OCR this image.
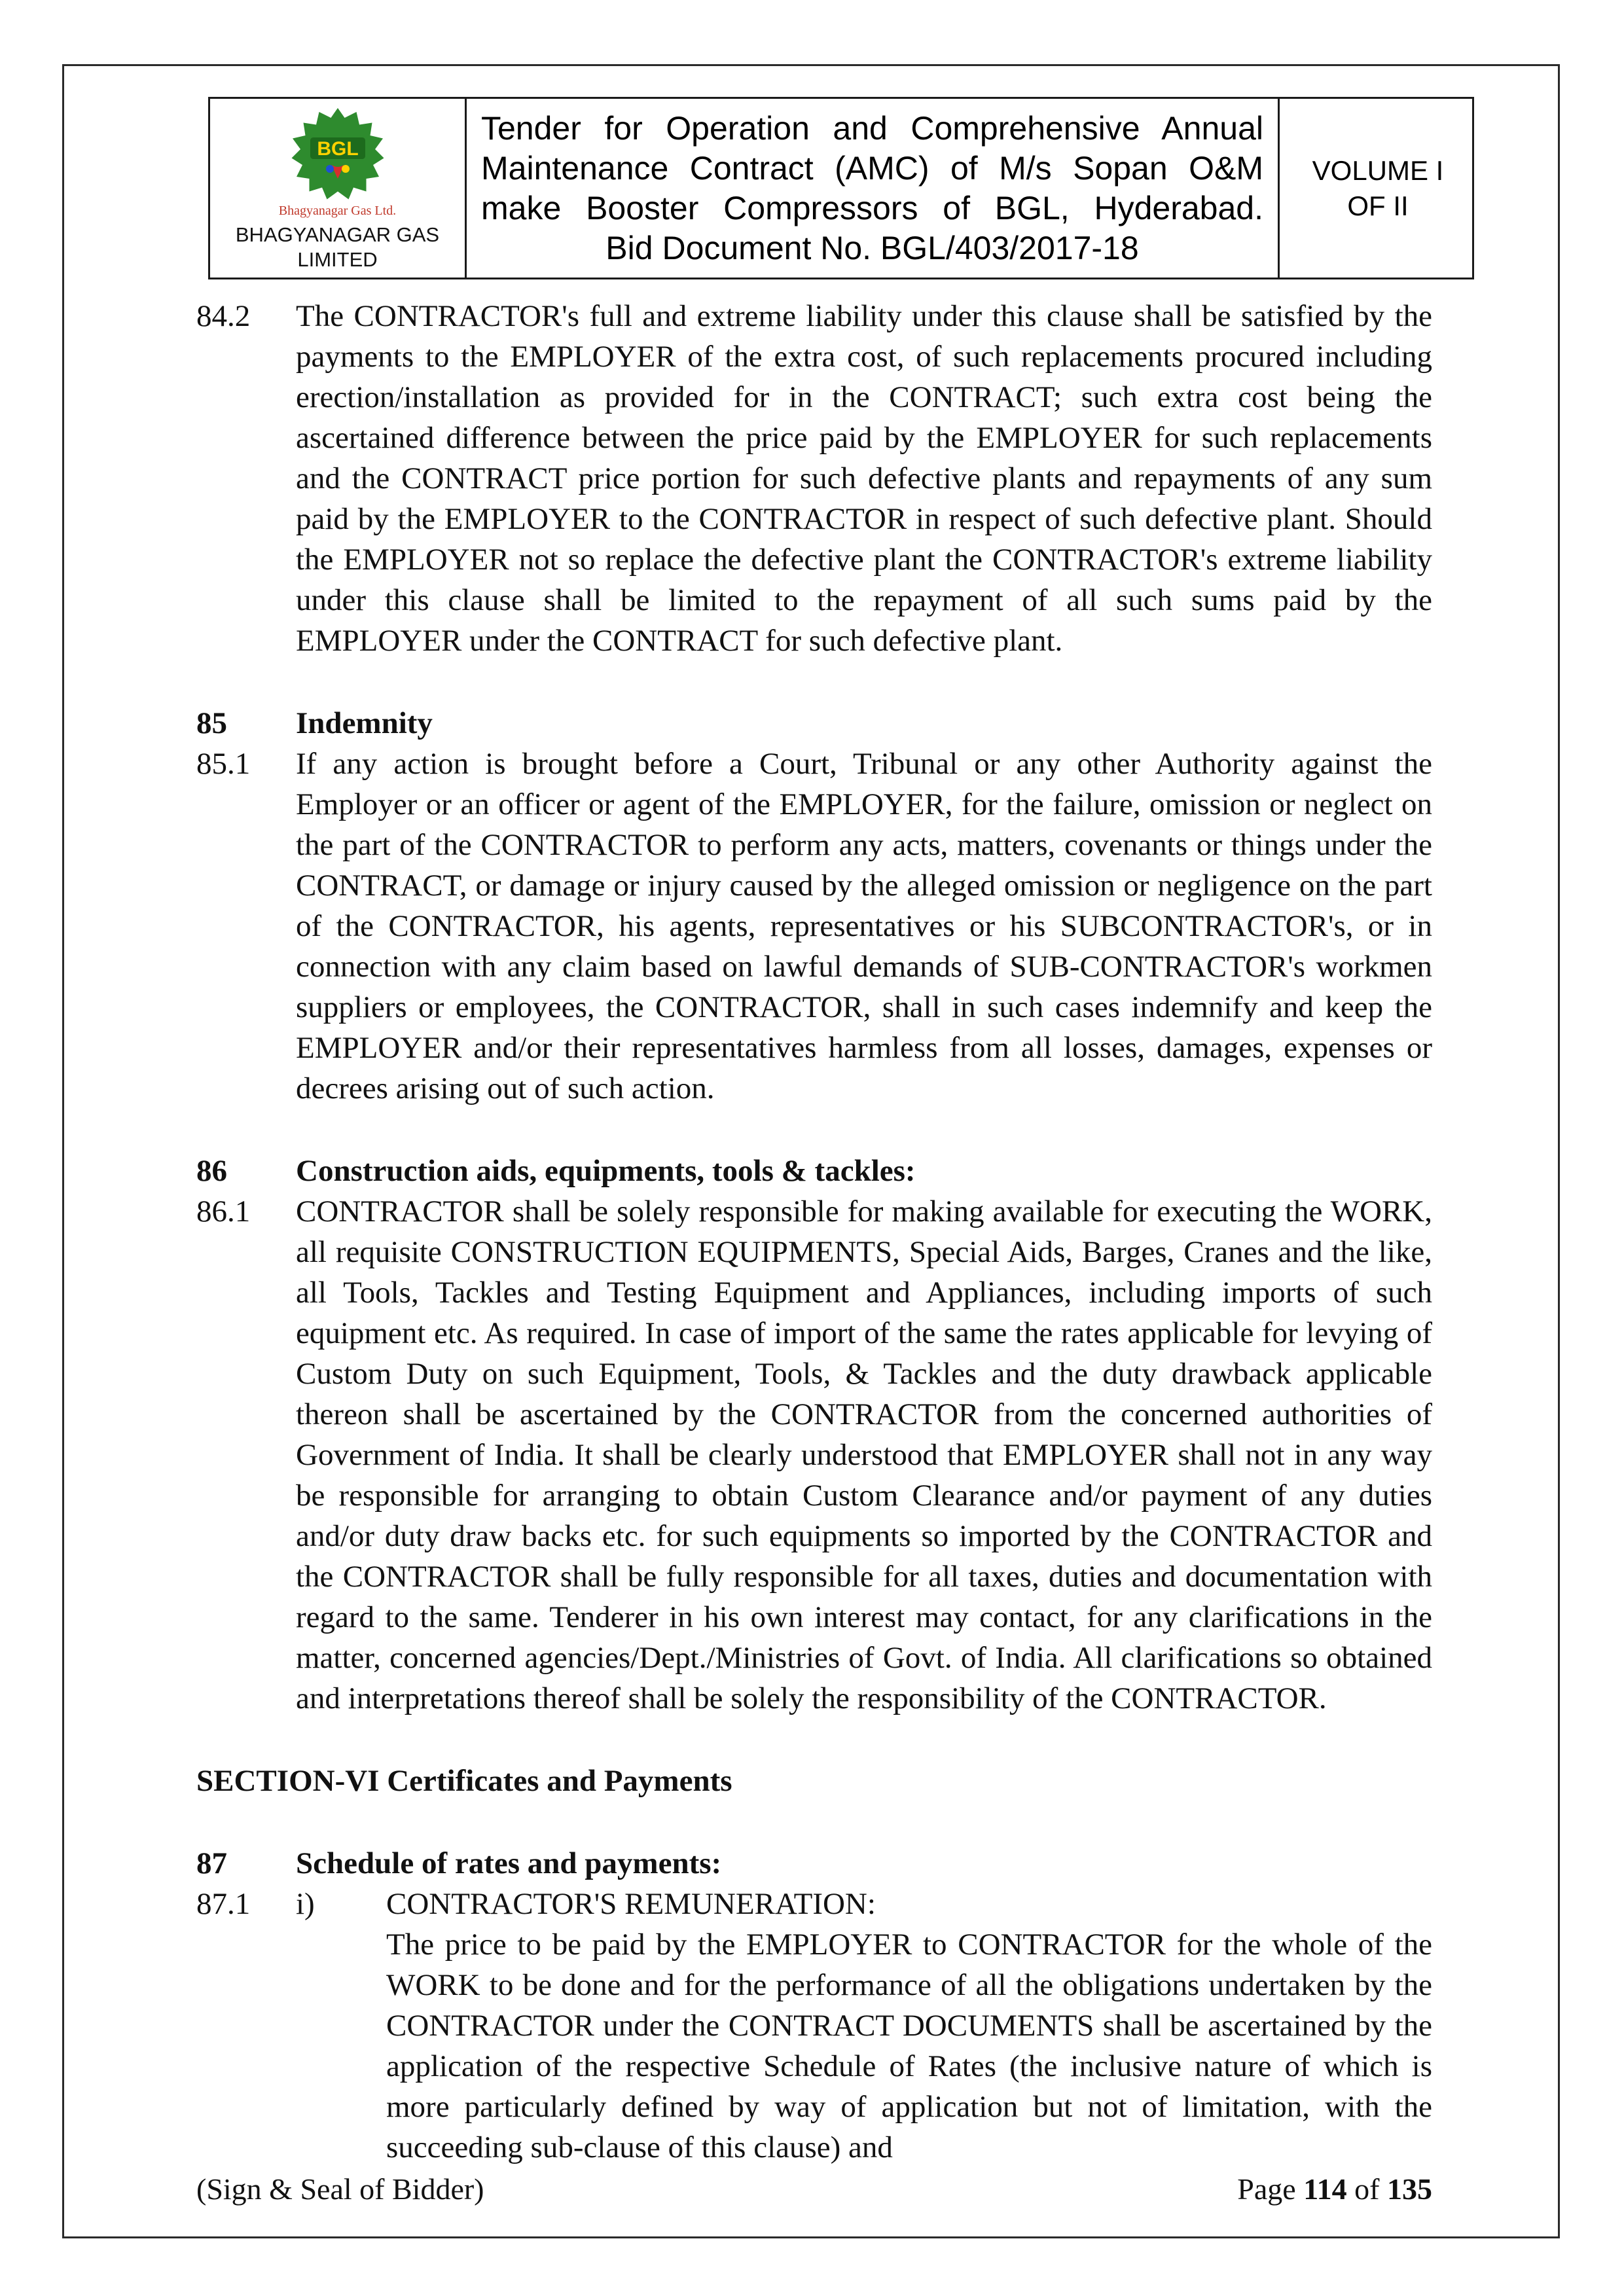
BGL
Bhagyanagar Gas Ltd.
BHAGYANAGAR GAS
LIMITED
Tender for Operation and Comprehensive Annual Maintenance Contract (AMC) of M/s Sopan O&M make Booster Compressors of BGL, Hyderabad.
Bid Document No. BGL/403/2017-18
VOLUME I
OF II
84.2	The CONTRACTOR's full and extreme liability under this clause shall be satisfied by the payments to the EMPLOYER of the extra cost, of such replacements procured including erection/installation as provided for in the CONTRACT; such extra cost being the ascertained difference between the price paid by the EMPLOYER for such replacements and the CONTRACT price portion for such defective plants and repayments of any sum paid by the EMPLOYER to the CONTRACTOR in respect of such defective plant. Should the EMPLOYER not so replace the defective plant the CONTRACTOR's extreme liability under this clause shall be limited to the repayment of all such sums paid by the EMPLOYER under the CONTRACT for such defective plant.
85	Indemnity
85.1	If any action is brought before a Court, Tribunal or any other Authority against the Employer or an officer or agent of the EMPLOYER, for the failure, omission or neglect on the part of the CONTRACTOR to perform any acts, matters, covenants or things under the CONTRACT, or damage or injury caused by the alleged omission or negligence on the part of the CONTRACTOR, his agents, representatives or his SUBCONTRACTOR's, or in connection with any claim based on lawful demands of SUB-CONTRACTOR's workmen suppliers or employees, the CONTRACTOR, shall in such cases indemnify and keep the EMPLOYER and/or their representatives harmless from all losses, damages, expenses or decrees arising out of such action.
86	Construction aids, equipments, tools & tackles:
86.1	CONTRACTOR shall be solely responsible for making available for executing the WORK, all requisite CONSTRUCTION EQUIPMENTS, Special Aids, Barges, Cranes and the like, all Tools, Tackles and Testing Equipment and Appliances, including imports of such equipment etc. As required. In case of import of the same the rates applicable for levying of Custom Duty on such Equipment, Tools, & Tackles and the duty drawback applicable thereon shall be ascertained by the CONTRACTOR from the concerned authorities of Government of India. It shall be clearly understood that EMPLOYER shall not in any way be responsible for arranging to obtain Custom Clearance and/or payment of any duties and/or duty draw backs etc. for such equipments so imported by the CONTRACTOR and the CONTRACTOR shall be fully responsible for all taxes, duties and documentation with regard to the same. Tenderer in his own interest may contact, for any clarifications in the matter, concerned agencies/Dept./Ministries of Govt. of India. All clarifications so obtained and interpretations thereof shall be solely the responsibility of the CONTRACTOR.
SECTION-VI Certificates and Payments
87	Schedule of rates and payments:
87.1	i)	CONTRACTOR'S REMUNERATION:
The price to be paid by the EMPLOYER to CONTRACTOR for the whole of the WORK to be done and for the performance of all the obligations undertaken by the CONTRACTOR under the CONTRACT DOCUMENTS shall be ascertained by the application of the respective Schedule of Rates (the inclusive nature of which is more particularly defined by way of application but not of limitation, with the succeeding sub-clause of this clause) and
(Sign & Seal of Bidder)	Page 114 of 135
